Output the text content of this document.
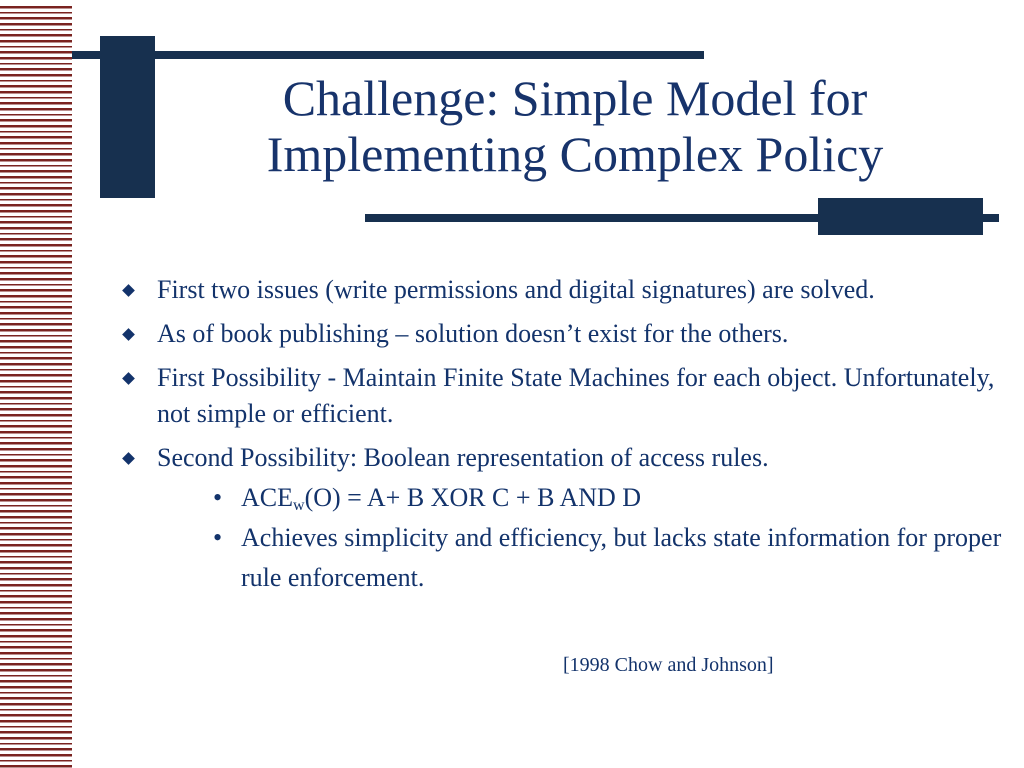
Challenge: Simple Model for
Implementing Complex Policy
First two issues (write permissions and digital signatures) are solved.
As of book publishing – solution doesn’t exist for the others.
First Possibility - Maintain Finite State Machines for each object. Unfortunately, not simple or efficient.
Second Possibility: Boolean representation of access rules.
• $ACE_w(O) = A+ B$ XOR C + B AND D
• Achieves simplicity and efficiency, but lacks state information for proper rule enforcement.
[1998 Chow and Johnson]
